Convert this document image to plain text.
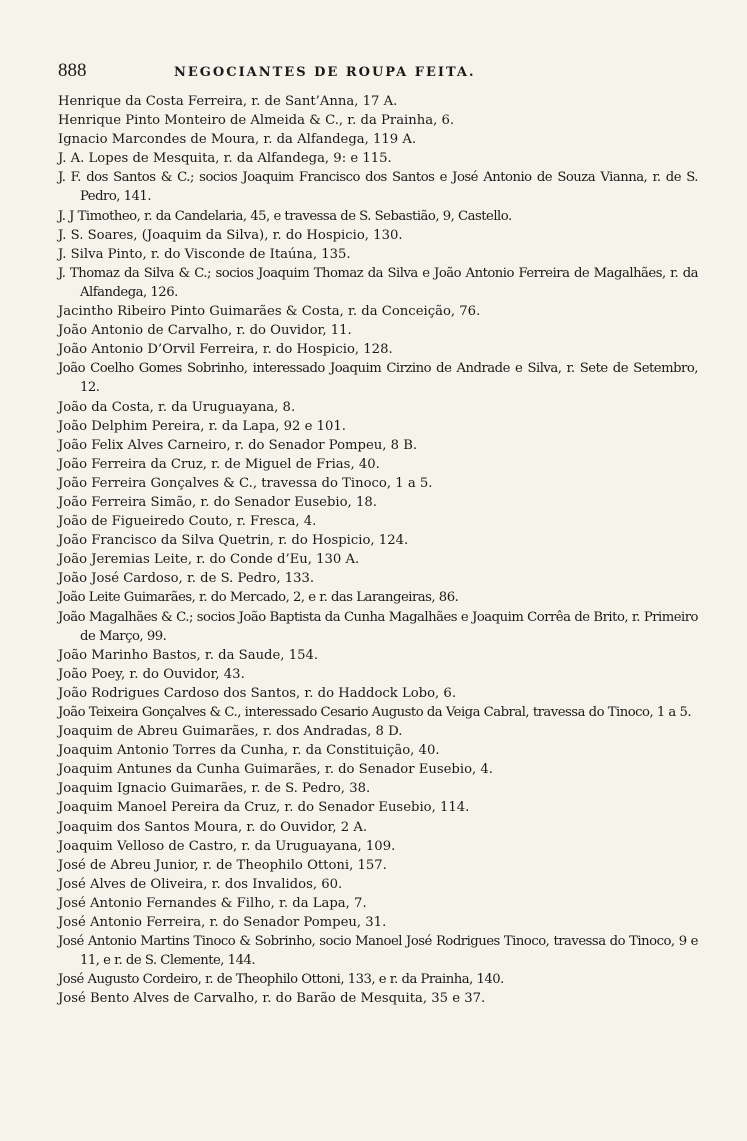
888	NEGOCIANTES DE ROUPA FEITA.

Henrique da Costa Ferreira, r. de Sant’Anna, 17 A.

Henrique Pinto Monteiro de Almeida & C., r. da Prainha, 6.

Ignacio Marcondes de Moura, r. da Alfandega, 119 A.

J. A. Lopes de Mesquita, r. da Alfandega, 9: e 115.

J. F. dos Santos & C.; socios Joaquim Francisco dos Santos e José Antonio de Souza Vianna, r. de S. Pedro, 141.

J. J Timotheo, r. da Candelaria, 45, e travessa de S. Sebastião, 9, Castello.

J. S. Soares, (Joaquim da Silva), r. do Hospicio, 130.

J. Silva Pinto, r. do Visconde de Itaúna, 135.

J. Thomaz da Silva & C.; socios Joaquim Thomaz da Silva e João Antonio Ferreira de Magalhães, r. da Alfandega, 126.

Jacintho Ribeiro Pinto Guimarães & Costa, r. da Conceição, 76.

João Antonio de Carvalho, r. do Ouvidor, 11.

João Antonio D’Orvil Ferreira, r. do Hospicio, 128.

João Coelho Gomes Sobrinho, interessado Joaquim Cirzino de Andrade e Silva, r. Sete de Setembro, 12.

João da Costa, r. da Uruguayana, 8.

João Delphim Pereira, r. da Lapa, 92 e 101.

João Felix Alves Carneiro, r. do Senador Pompeu, 8 B.

João Ferreira da Cruz, r. de Miguel de Frias, 40.

João Ferreira Gonçalves & C., travessa do Tinoco, 1 a 5.

João Ferreira Simão, r. do Senador Eusebio, 18.

João de Figueiredo Couto, r. Fresca, 4.

João Francisco da Silva Quetrin, r. do Hospicio, 124.

João Jeremias Leite, r. do Conde d’Eu, 130 A.

João José Cardoso, r. de S. Pedro, 133.

João Leite Guimarães, r. do Mercado, 2, e r. das Larangeiras, 86.

João Magalhães & C.; socios João Baptista da Cunha Magalhães e Joaquim Corrêa de Brito, r. Primeiro de Março, 99.

João Marinho Bastos, r. da Saude, 154.

João Poey, r. do Ouvidor, 43.

João Rodrigues Cardoso dos Santos, r. do Haddock Lobo, 6.

João Teixeira Gonçalves & C., interessado Cesario Augusto da Veiga Cabral, travessa do Tinoco, 1 a 5.

Joaquim de Abreu Guimarães, r. dos Andradas, 8 D.

Joaquim Antonio Torres da Cunha, r. da Constituição, 40.

Joaquim Antunes da Cunha Guimarães, r. do Senador Eusebio, 4.

Joaquim Ignacio Guimarães, r. de S. Pedro, 38.

Joaquim Manoel Pereira da Cruz, r. do Senador Eusebio, 114.

Joaquim dos Santos Moura, r. do Ouvidor, 2 A.

Joaquim Velloso de Castro, r. da Uruguayana, 109.

José de Abreu Junior, r. de Theophilo Ottoni, 157.

José Alves de Oliveira, r. dos Invalidos, 60.

José Antonio Fernandes & Filho, r. da Lapa, 7.

José Antonio Ferreira, r. do Senador Pompeu, 31.

José Antonio Martins Tinoco & Sobrinho, socio Manoel José Rodrigues Tinoco, travessa do Tinoco, 9 e 11, e r. de S. Clemente, 144.

José Augusto Cordeiro, r. de Theophilo Ottoni, 133, e r. da Prainha, 140.

José Bento Alves de Carvalho, r. do Barão de Mesquita, 35 e 37.
